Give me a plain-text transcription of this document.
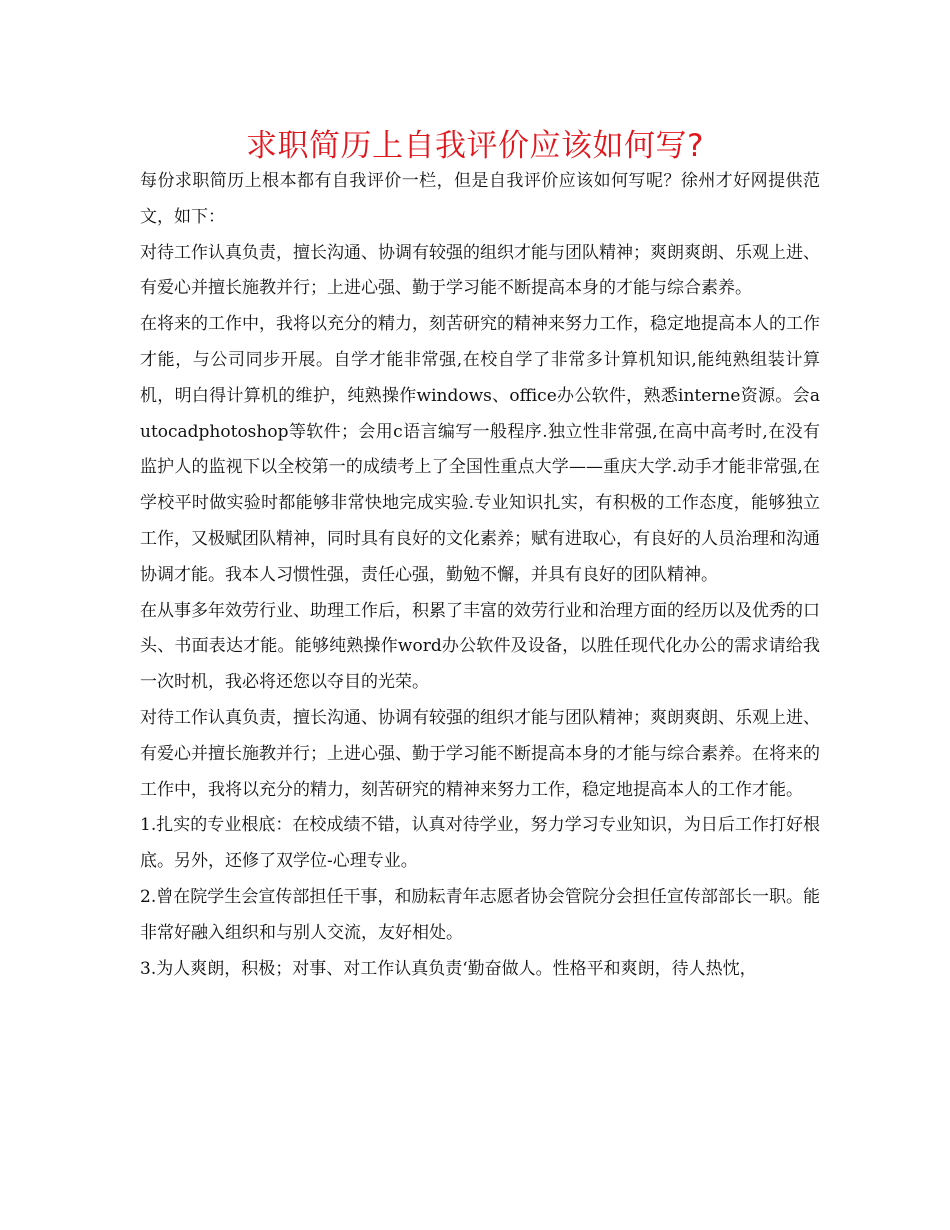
求职简历上自我评价应该如何写?

每份求职简历上根本都有自我评价一栏，但是自我评价应该如何写呢？徐州才好网提供范文，如下：

对待工作认真负责，擅长沟通、协调有较强的组织才能与团队精神；爽朗爽朗、乐观上进、有爱心并擅长施教并行；上进心强、勤于学习能不断提高本身的才能与综合素养。

在将来的工作中，我将以充分的精力，刻苦研究的精神来努力工作，稳定地提高本人的工作才能，与公司同步开展。自学才能非常强,在校自学了非常多计算机知识,能纯熟组装计算机，明白得计算机的维护，纯熟操作windows、office办公软件，熟悉interne资源。会autocadphotoshop等软件；会用c语言编写一般程序.独立性非常强,在高中高考时,在没有监护人的监视下以全校第一的成绩考上了全国性重点大学——重庆大学.动手才能非常强,在学校平时做实验时都能够非常快地完成实验.专业知识扎实，有积极的工作态度，能够独立工作，又极赋团队精神，同时具有良好的文化素养；赋有进取心，有良好的人员治理和沟通协调才能。我本人习惯性强，责任心强，勤勉不懈，并具有良好的团队精神。

在从事多年效劳行业、助理工作后，积累了丰富的效劳行业和治理方面的经历以及优秀的口头、书面表达才能。能够纯熟操作word办公软件及设备，以胜任现代化办公的需求请给我一次时机，我必将还您以夺目的光荣。

对待工作认真负责，擅长沟通、协调有较强的组织才能与团队精神；爽朗爽朗、乐观上进、有爱心并擅长施教并行；上进心强、勤于学习能不断提高本身的才能与综合素养。在将来的工作中，我将以充分的精力，刻苦研究的精神来努力工作，稳定地提高本人的工作才能。

1.扎实的专业根底：在校成绩不错，认真对待学业，努力学习专业知识，为日后工作打好根底。另外，还修了双学位-心理专业。

2.曾在院学生会宣传部担任干事，和励耘青年志愿者协会管院分会担任宣传部部长一职。能非常好融入组织和与别人交流，友好相处。

3.为人爽朗，积极；对事、对工作认真负责‘勤奋做人。性格平和爽朗，待人热忱，
